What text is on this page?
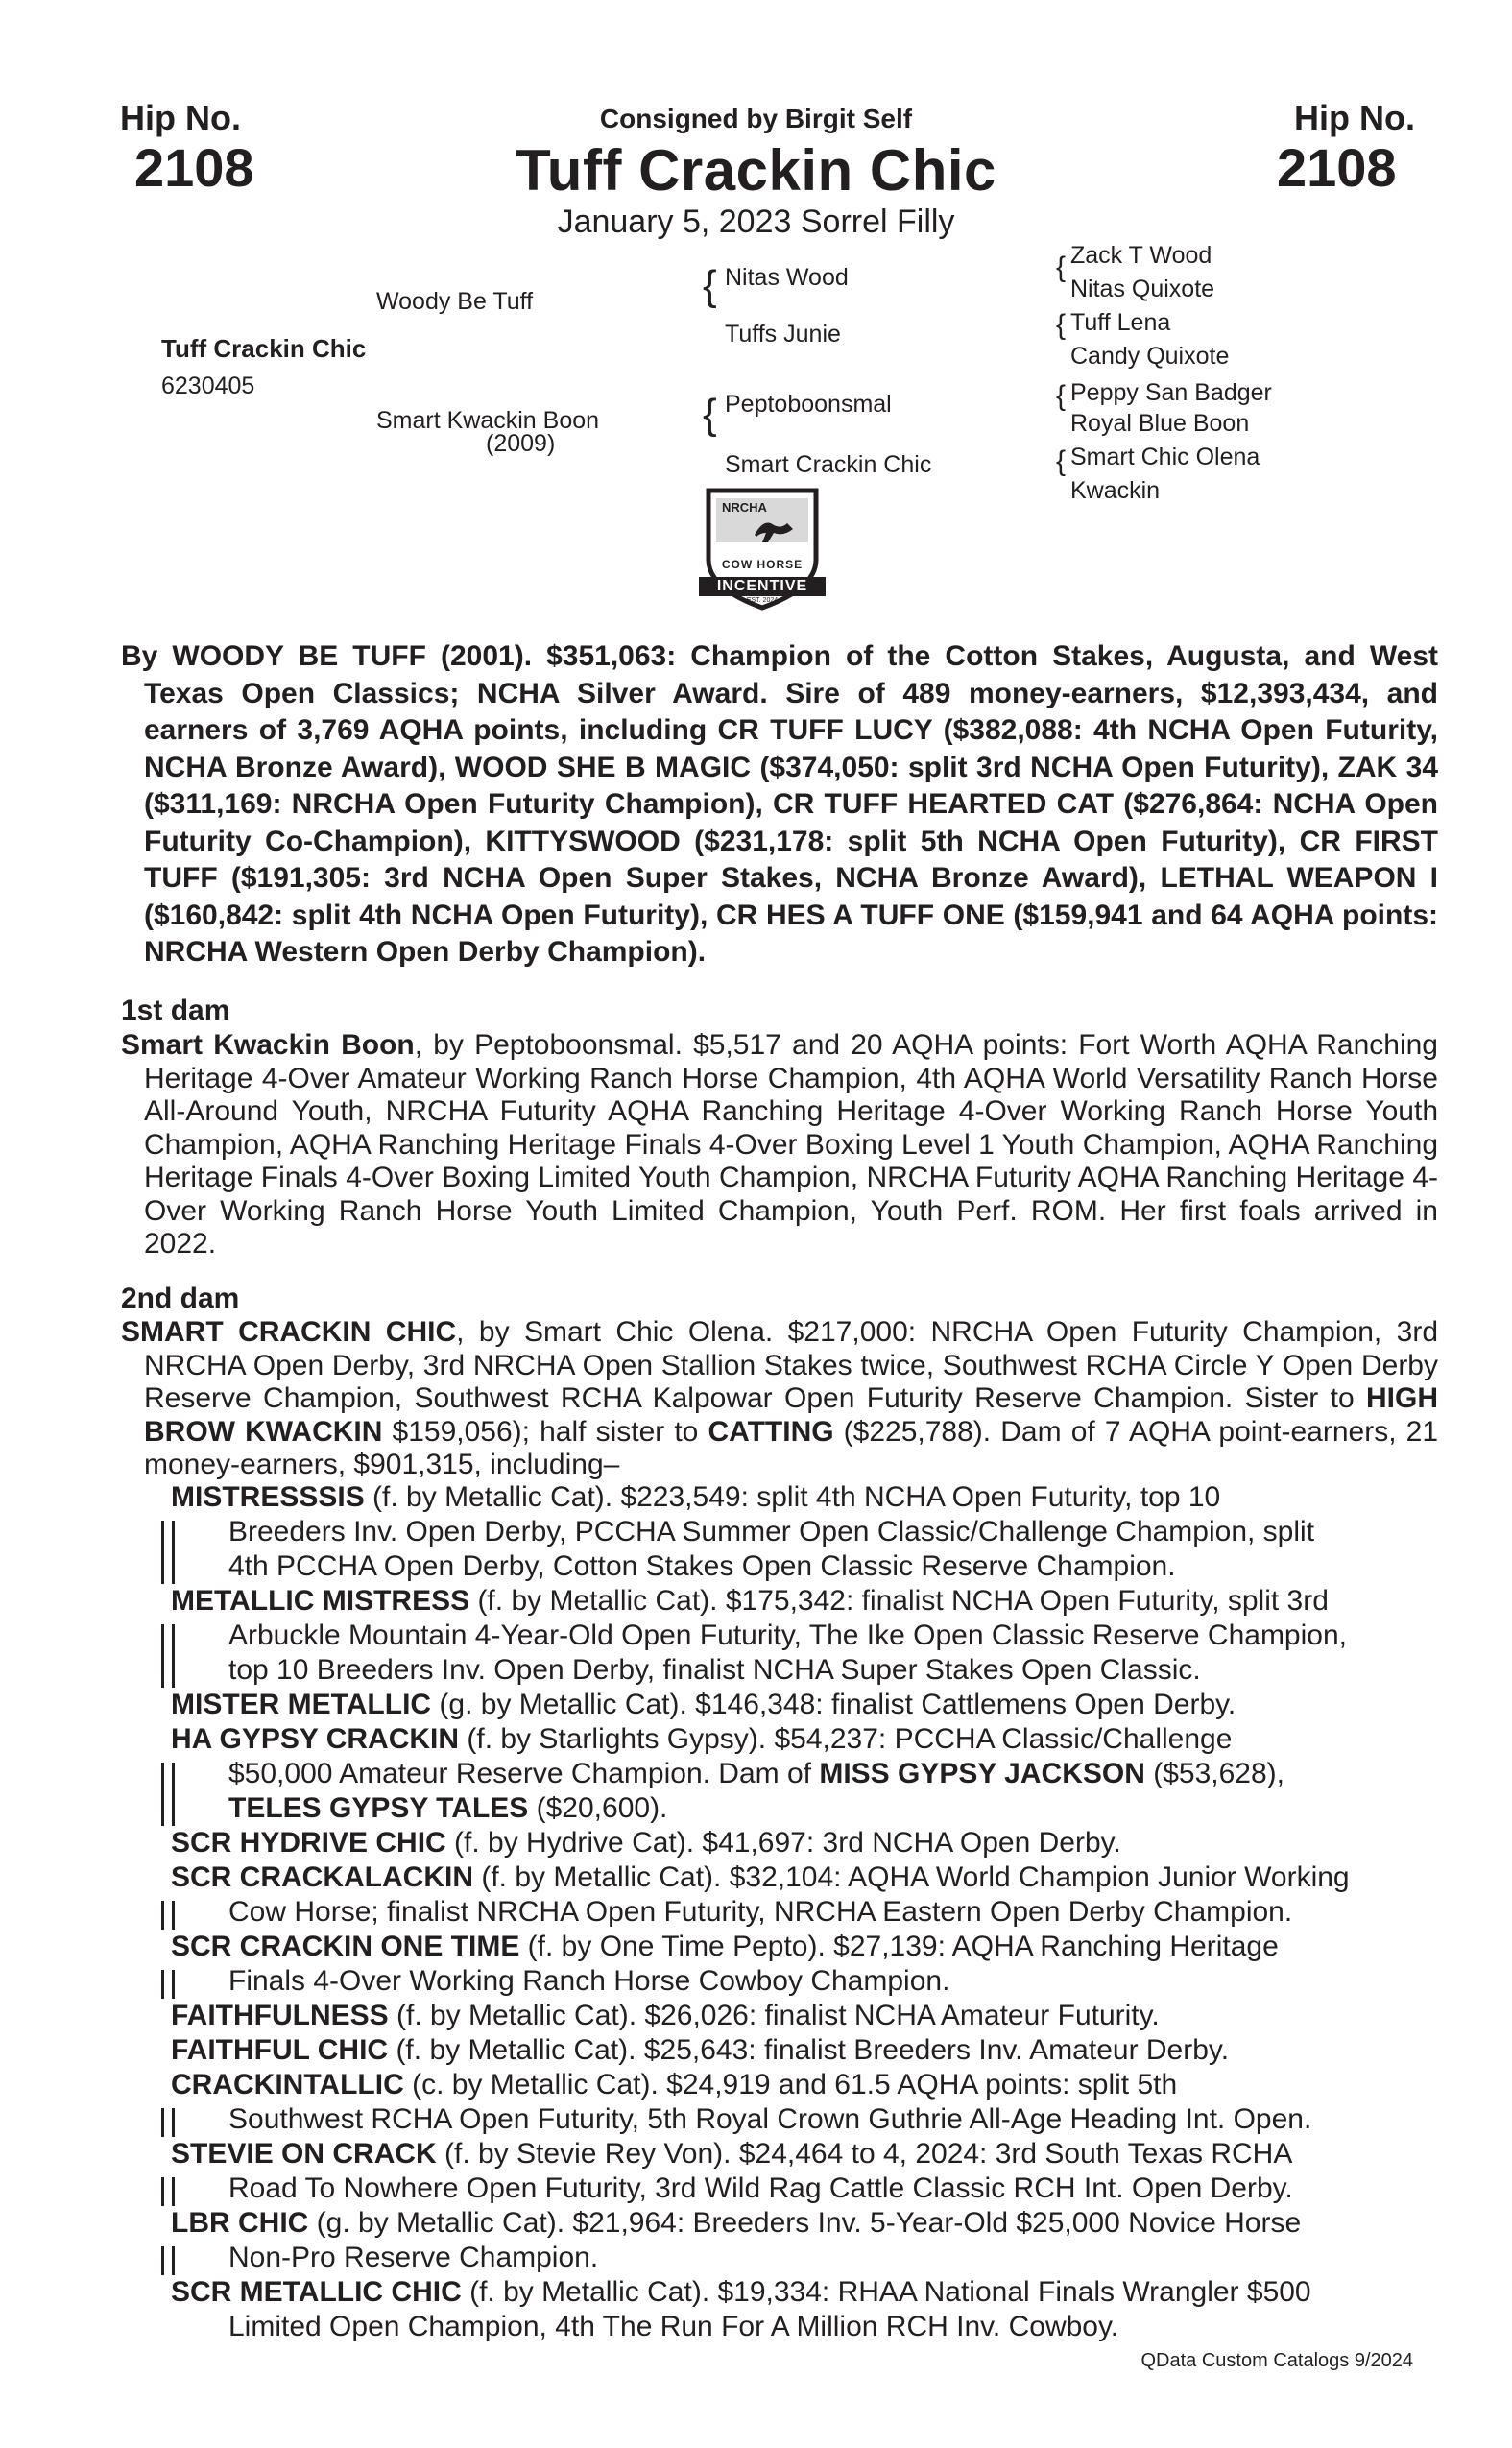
Hip No.
2108
Hip No.
2108
Consigned by Birgit Self
Tuff Crackin Chic
January 5, 2023 Sorrel Filly
Tuff Crackin Chic
6230405
Woody Be Tuff
Smart Kwackin Boon
(2009)
{ Nitas Wood
Tuffs Junie
{ Peptoboonsmal
Smart Crackin Chic
{ Zack T Wood
Nitas Quixote
{ Tuff Lena
Candy Quixote
{ Peppy San Badger
Royal Blue Boon
{ Smart Chic Olena
Kwackin
NRCHA
COW HORSE
INCENTIVE
EST. 2024
By WOODY BE TUFF (2001). $351,063: Champion of the Cotton Stakes, Augusta, and West Texas Open Classics; NCHA Silver Award. Sire of 489 money-earners, $12,393,434, and earners of 3,769 AQHA points, including CR TUFF LUCY ($382,088: 4th NCHA Open Futurity, NCHA Bronze Award), WOOD SHE B MAGIC ($374,050: split 3rd NCHA Open Futurity), ZAK 34 ($311,169: NRCHA Open Futurity Champion), CR TUFF HEARTED CAT ($276,864: NCHA Open Futurity Co-Champion), KITTYSWOOD ($231,178: split 5th NCHA Open Futurity), CR FIRST TUFF ($191,305: 3rd NCHA Open Super Stakes, NCHA Bronze Award), LETHAL WEAPON I ($160,842: split 4th NCHA Open Futurity), CR HES A TUFF ONE ($159,941 and 64 AQHA points: NRCHA Western Open Derby Champion).
1st dam
Smart Kwackin Boon, by Peptoboonsmal. $5,517 and 20 AQHA points: Fort Worth AQHA Ranching Heritage 4-Over Amateur Working Ranch Horse Champion, 4th AQHA World Versatility Ranch Horse All-Around Youth, NRCHA Futurity AQHA Ranching Heritage 4-Over Working Ranch Horse Youth Champion, AQHA Ranching Heritage Finals 4-Over Boxing Level 1 Youth Champion, AQHA Ranching Heritage Finals 4-Over Boxing Limited Youth Champion, NRCHA Futurity AQHA Ranching Heritage 4-Over Working Ranch Horse Youth Limited Champion, Youth Perf. ROM. Her first foals arrived in 2022.
2nd dam
SMART CRACKIN CHIC, by Smart Chic Olena. $217,000: NRCHA Open Futurity Champion, 3rd NRCHA Open Derby, 3rd NRCHA Open Stallion Stakes twice, Southwest RCHA Circle Y Open Derby Reserve Champion, Southwest RCHA Kalpowar Open Futurity Reserve Champion. Sister to HIGH BROW KWACKIN $159,056); half sister to CATTING ($225,788). Dam of 7 AQHA point-earners, 21 money-earners, $901,315, including–
MISTRESSSIS (f. by Metallic Cat). $223,549: split 4th NCHA Open Futurity, top 10
Breeders Inv. Open Derby, PCCHA Summer Open Classic/Challenge Champion, split
4th PCCHA Open Derby, Cotton Stakes Open Classic Reserve Champion.
METALLIC MISTRESS (f. by Metallic Cat). $175,342: finalist NCHA Open Futurity, split 3rd
Arbuckle Mountain 4-Year-Old Open Futurity, The Ike Open Classic Reserve Champion,
top 10 Breeders Inv. Open Derby, finalist NCHA Super Stakes Open Classic.
MISTER METALLIC (g. by Metallic Cat). $146,348: finalist Cattlemens Open Derby.
HA GYPSY CRACKIN (f. by Starlights Gypsy). $54,237: PCCHA Classic/Challenge
$50,000 Amateur Reserve Champion. Dam of MISS GYPSY JACKSON ($53,628),
TELES GYPSY TALES ($20,600).
SCR HYDRIVE CHIC (f. by Hydrive Cat). $41,697: 3rd NCHA Open Derby.
SCR CRACKALACKIN (f. by Metallic Cat). $32,104: AQHA World Champion Junior Working
Cow Horse; finalist NRCHA Open Futurity, NRCHA Eastern Open Derby Champion.
SCR CRACKIN ONE TIME (f. by One Time Pepto). $27,139: AQHA Ranching Heritage
Finals 4-Over Working Ranch Horse Cowboy Champion.
FAITHFULNESS (f. by Metallic Cat). $26,026: finalist NCHA Amateur Futurity.
FAITHFUL CHIC (f. by Metallic Cat). $25,643: finalist Breeders Inv. Amateur Derby.
CRACKINTALLIC (c. by Metallic Cat). $24,919 and 61.5 AQHA points: split 5th
Southwest RCHA Open Futurity, 5th Royal Crown Guthrie All-Age Heading Int. Open.
STEVIE ON CRACK (f. by Stevie Rey Von). $24,464 to 4, 2024: 3rd South Texas RCHA
Road To Nowhere Open Futurity, 3rd Wild Rag Cattle Classic RCH Int. Open Derby.
LBR CHIC (g. by Metallic Cat). $21,964: Breeders Inv. 5-Year-Old $25,000 Novice Horse
Non-Pro Reserve Champion.
SCR METALLIC CHIC (f. by Metallic Cat). $19,334: RHAA National Finals Wrangler $500
Limited Open Champion, 4th The Run For A Million RCH Inv. Cowboy.
QData Custom Catalogs 9/2024
